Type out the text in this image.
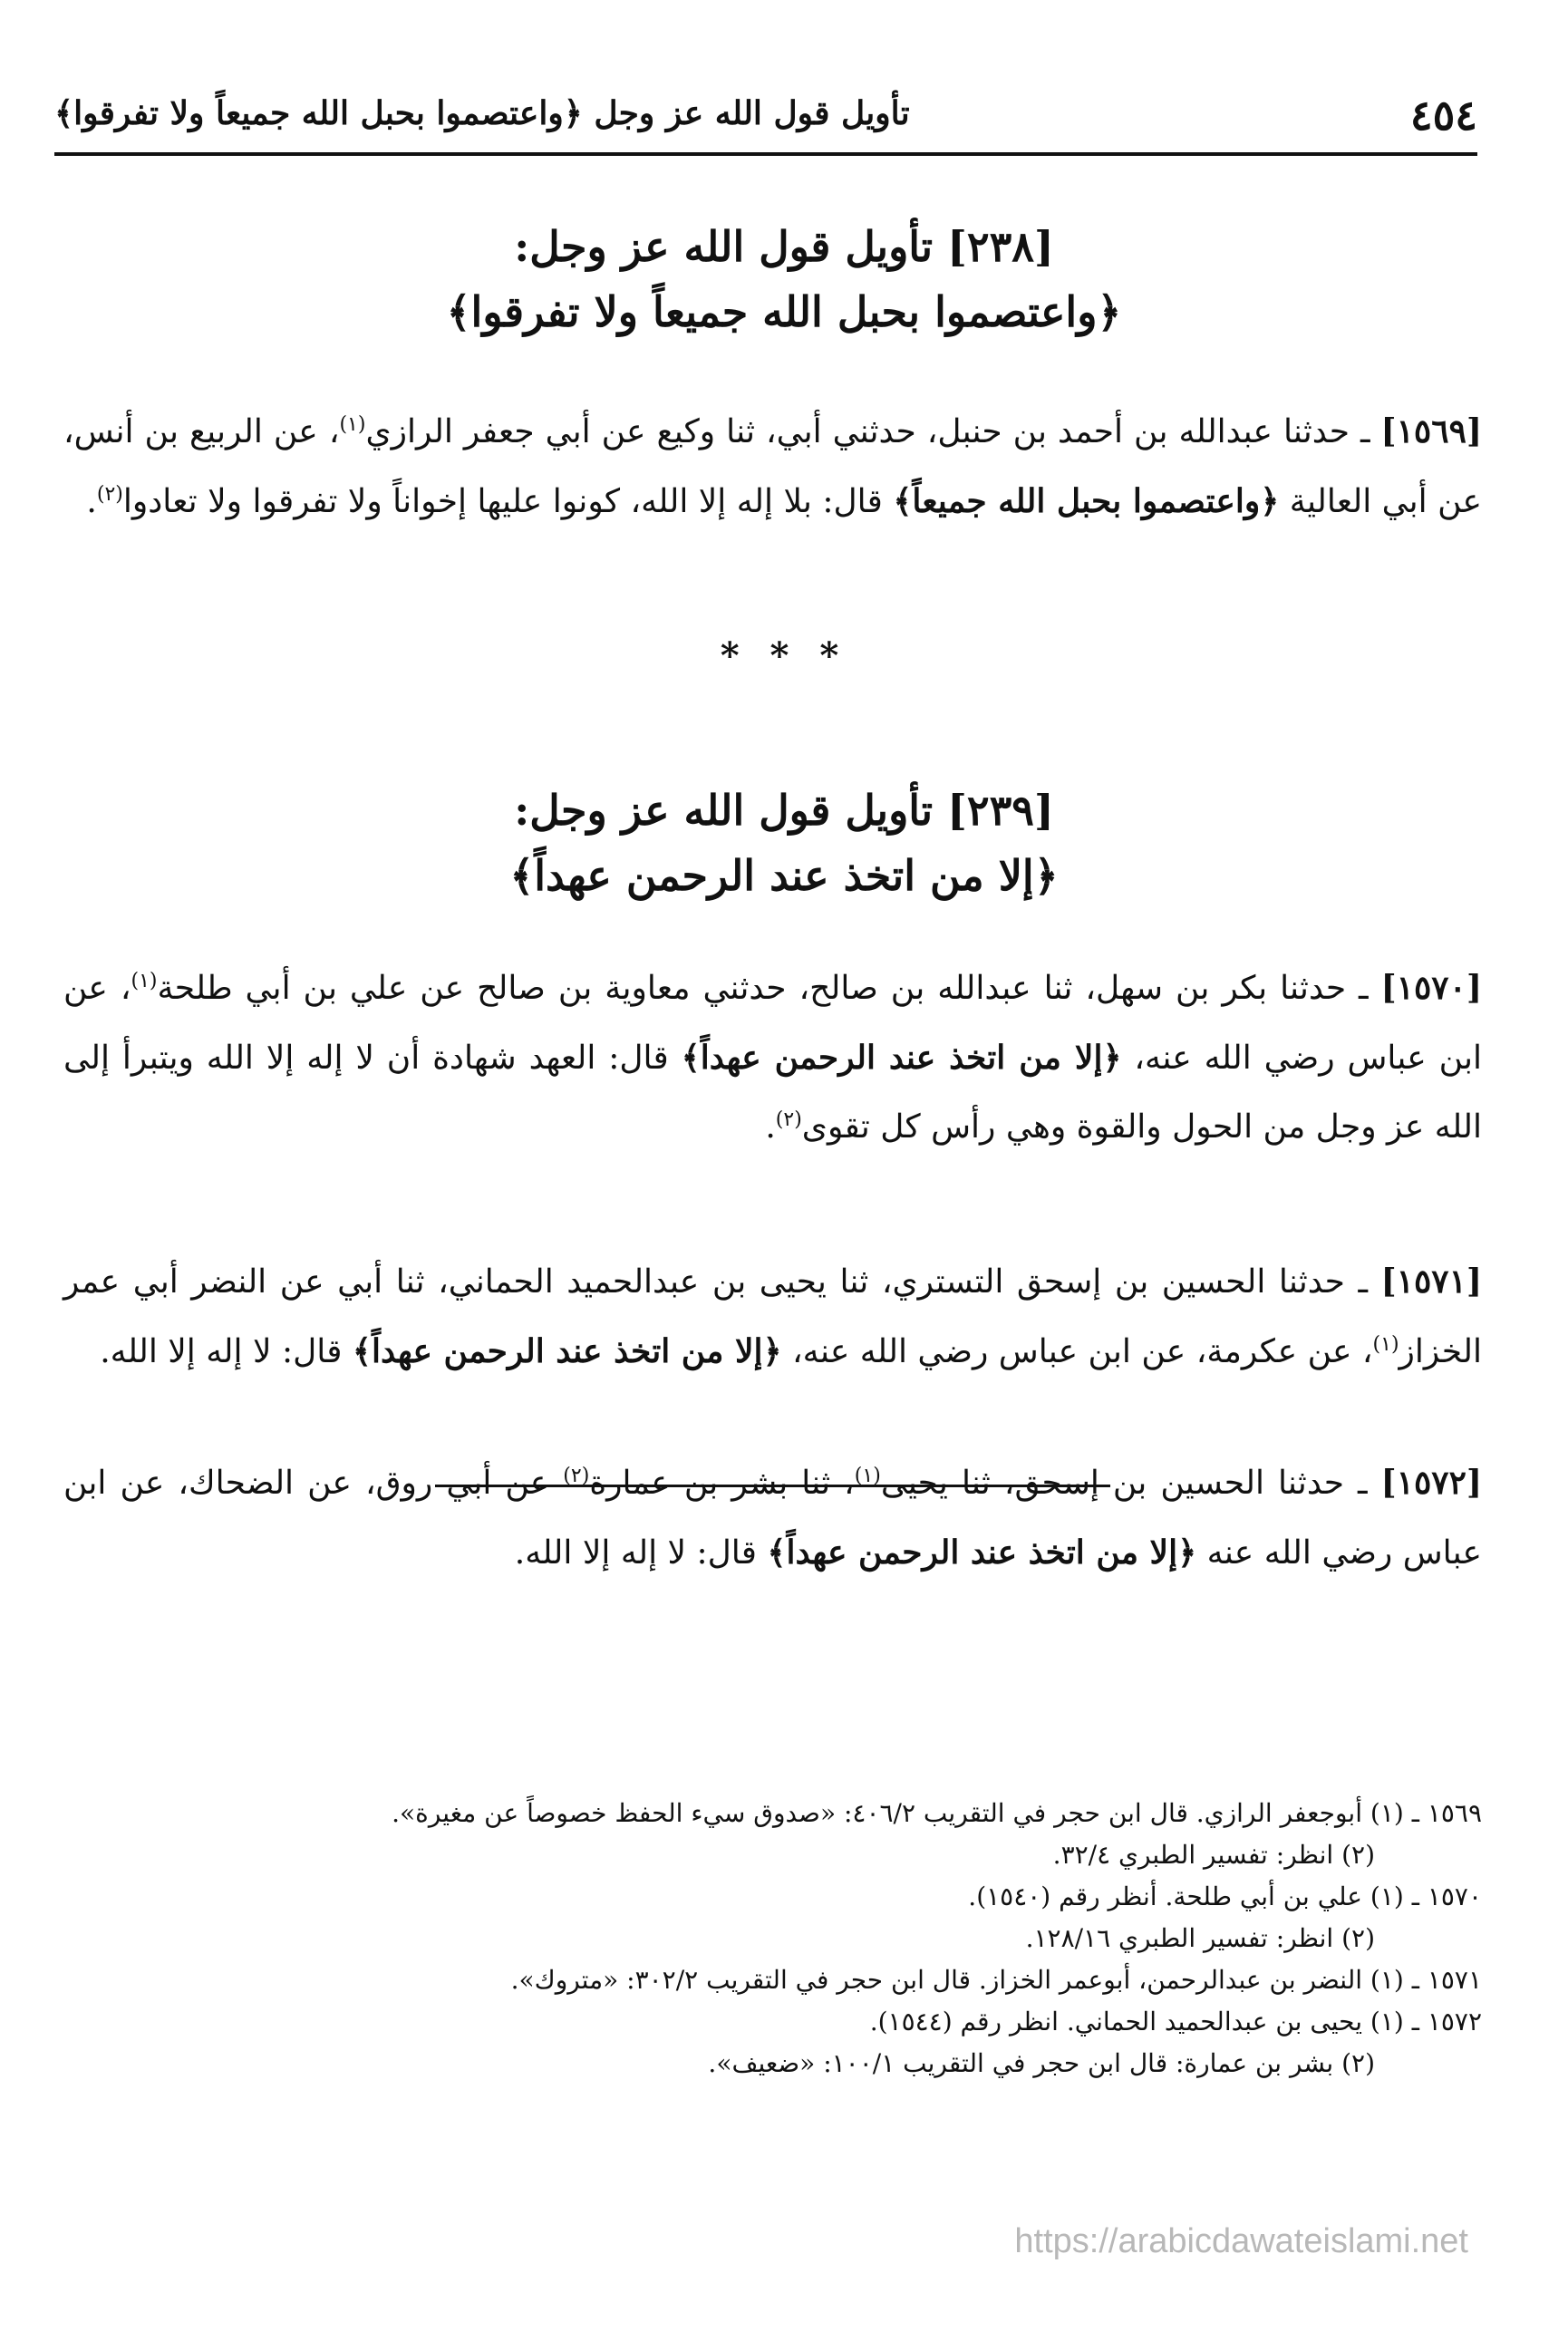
٤٥٤
تأويل قول الله عز وجل ﴿واعتصموا بحبل الله جميعاً ولا تفرقوا﴾
[٢٣٨] تأويل قول الله عز وجل:
﴿واعتصموا بحبل الله جميعاً ولا تفرقوا﴾
[١٥٦٩] ـ حدثنا عبدالله بن أحمد بن حنبل، حدثني أبي، ثنا وكيع عن أبي جعفر الرازي$^{(١)}$، عن الربيع بن أنس، عن أبي العالية ﴿واعتصموا بحبل الله جميعاً﴾ قال: بلا إله إلا الله، كونوا عليها إخواناً ولا تفرقوا ولا تعادوا$^{(٢)}$.
* * *
[٢٣٩] تأويل قول الله عز وجل:
﴿إلا من اتخذ عند الرحمن عهداً﴾
[١٥٧٠] ـ حدثنا بكر بن سهل، ثنا عبدالله بن صالح، حدثني معاوية بن صالح عن علي بن أبي طلحة$^{(١)}$، عن ابن عباس رضي الله عنه، ﴿إلا من اتخذ عند الرحمن عهداً﴾ قال: العهد شهادة أن لا إله إلا الله ويتبرأ إلى الله عز وجل من الحول والقوة وهي رأس كل تقوى$^{(٢)}$.
[١٥٧١] ـ حدثنا الحسين بن إسحق التستري، ثنا يحيى بن عبدالحميد الحماني، ثنا أبي عن النضر أبي عمر الخزاز$^{(١)}$، عن عكرمة، عن ابن عباس رضي الله عنه، ﴿إلا من اتخذ عند الرحمن عهداً﴾ قال: لا إله إلا الله.
[١٥٧٢] ـ حدثنا الحسين بن إسحق، ثنا يحيى$^{(١)}$، ثنا بشر بن عمارة$^{(٢)}$ عن أبي روق، عن الضحاك، عن ابن عباس رضي الله عنه ﴿إلا من اتخذ عند الرحمن عهداً﴾ قال: لا إله إلا الله.
١٥٦٩ ـ (١) أبوجعفر الرازي. قال ابن حجر في التقريب ٤٠٦/٢: «صدوق سيء الحفظ خصوصاً عن مغيرة».
(٢) انظر: تفسير الطبري ٣٢/٤.
١٥٧٠ ـ (١) علي بن أبي طلحة. أنظر رقم (١٥٤٠).
(٢) انظر: تفسير الطبري ١٢٨/١٦.
١٥٧١ ـ (١) النضر بن عبدالرحمن، أبوعمر الخزاز. قال ابن حجر في التقريب ٣٠٢/٢: «متروك».
١٥٧٢ ـ (١) يحيى بن عبدالحميد الحماني. انظر رقم (١٥٤٤).
(٢) بشر بن عمارة: قال ابن حجر في التقريب ١٠٠/١: «ضعيف».
https://arabicdawateislami.net
